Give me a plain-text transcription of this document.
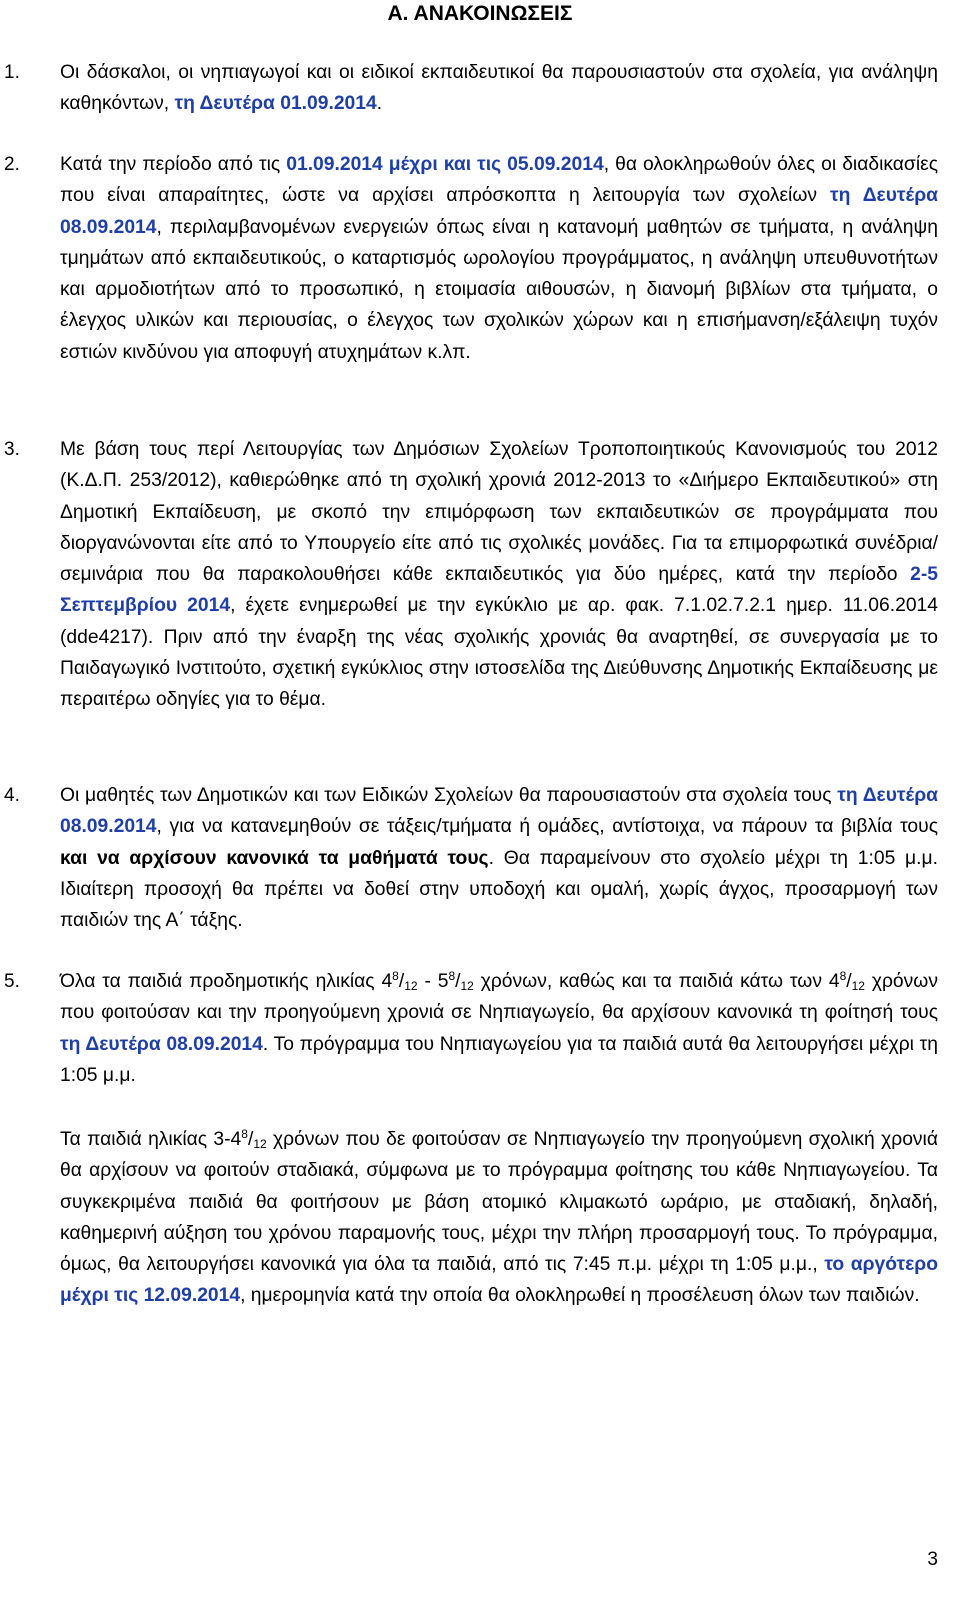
Α. ΑΝΑΚΟΙΝΩΣΕΙΣ
1.	Οι δάσκαλοι, οι νηπιαγωγοί και οι ειδικοί εκπαιδευτικοί θα παρουσιαστούν στα σχολεία, για ανάληψη καθηκόντων, τη Δευτέρα 01.09.2014.
2.	Κατά την περίοδο από τις 01.09.2014 μέχρι και τις 05.09.2014, θα ολοκληρωθούν όλες οι διαδικασίες που είναι απαραίτητες, ώστε να αρχίσει απρόσκοπτα η λειτουργία των σχολείων τη Δευτέρα 08.09.2014, περιλαμβανομένων ενεργειών όπως είναι η κατανομή μαθητών σε τμήματα, η ανάληψη τμημάτων από εκπαιδευτικούς, ο καταρτισμός ωρολογίου προγράμματος, η ανάληψη υπευθυνοτήτων και αρμοδιοτήτων από το προσωπικό, η ετοιμασία αιθουσών, η διανομή βιβλίων στα τμήματα, ο έλεγχος υλικών και περιουσίας, ο έλεγχος των σχολικών χώρων και η επισήμανση/εξάλειψη τυχόν εστιών κινδύνου για αποφυγή ατυχημάτων κ.λπ.
3.	Με βάση τους περί Λειτουργίας των Δημόσιων Σχολείων Τροποποιητικούς Κανονισμούς του 2012 (Κ.Δ.Π. 253/2012), καθιερώθηκε από τη σχολική χρονιά 2012-2013 το «Διήμερο Εκπαιδευτικού» στη Δημοτική Εκπαίδευση, με σκοπό την επιμόρφωση των εκπαιδευτικών σε προγράμματα που διοργανώνονται είτε από το Υπουργείο είτε από τις σχολικές μονάδες. Για τα επιμορφωτικά συνέδρια/σεμινάρια που θα παρακολουθήσει κάθε εκπαιδευτικός για δύο ημέρες, κατά την περίοδο 2-5 Σεπτεμβρίου 2014, έχετε ενημερωθεί με την εγκύκλιο με αρ. φακ. 7.1.02.7.2.1 ημερ. 11.06.2014 (dde4217). Πριν από την έναρξη της νέας σχολικής χρονιάς θα αναρτηθεί, σε συνεργασία με το Παιδαγωγικό Ινστιτούτο, σχετική εγκύκλιος στην ιστοσελίδα της Διεύθυνσης Δημοτικής Εκπαίδευσης με περαιτέρω οδηγίες για το θέμα.
4.	Οι μαθητές των Δημοτικών και των Ειδικών Σχολείων θα παρουσιαστούν στα σχολεία τους τη Δευτέρα 08.09.2014, για να κατανεμηθούν σε τάξεις/τμήματα ή ομάδες, αντίστοιχα, να πάρουν τα βιβλία τους και να αρχίσουν κανονικά τα μαθήματά τους. Θα παραμείνουν στο σχολείο μέχρι τη 1:05 μ.μ. Ιδιαίτερη προσοχή θα πρέπει να δοθεί στην υποδοχή και ομαλή, χωρίς άγχος, προσαρμογή των παιδιών της Α΄ τάξης.
5.	Όλα τα παιδιά προδημοτικής ηλικίας $4^8/_{12} - 5^8/_{12}$ χρόνων, καθώς και τα παιδιά κάτω των $4^8/_{12}$ χρόνων που φοιτούσαν και την προηγούμενη χρονιά σε Νηπιαγωγείο, θα αρχίσουν κανονικά τη φοίτησή τους τη Δευτέρα 08.09.2014. Το πρόγραμμα του Νηπιαγωγείου για τα παιδιά αυτά θα λειτουργήσει μέχρι τη 1:05 μ.μ.
Τα παιδιά ηλικίας $3-4^8/_{12}$ χρόνων που δε φοιτούσαν σε Νηπιαγωγείο την προηγούμενη σχολική χρονιά θα αρχίσουν να φοιτούν σταδιακά, σύμφωνα με το πρόγραμμα φοίτησης του κάθε Νηπιαγωγείου. Τα συγκεκριμένα παιδιά θα φοιτήσουν με βάση ατομικό κλιμακωτό ωράριο, με σταδιακή, δηλαδή, καθημερινή αύξηση του χρόνου παραμονής τους, μέχρι την πλήρη προσαρμογή τους. Το πρόγραμμα, όμως, θα λειτουργήσει κανονικά για όλα τα παιδιά, από τις 7:45 π.μ. μέχρι τη 1:05 μ.μ., το αργότερο μέχρι τις 12.09.2014, ημερομηνία κατά την οποία θα ολοκληρωθεί η προσέλευση όλων των παιδιών.
3
